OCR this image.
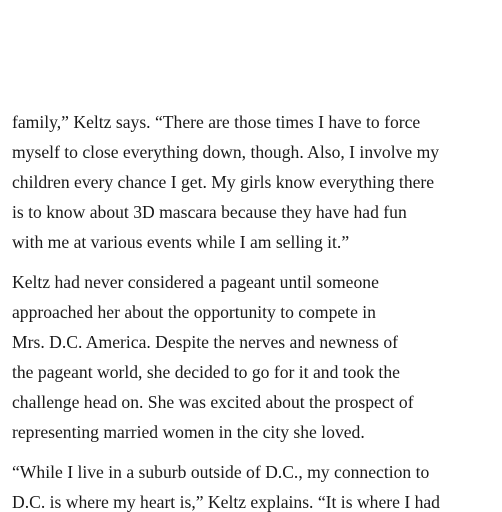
family,” Keltz says. “There are those times I have to force
myself to close everything down, though. Also, I involve my
children every chance I get. My girls know everything there
is to know about 3D mascara because they have had fun
with me at various events while I am selling it.”
Keltz had never considered a pageant until someone
approached her about the opportunity to compete in
Mrs. D.C. America. Despite the nerves and newness of
the pageant world, she decided to go for it and took the
challenge head on. She was excited about the prospect of
representing married women in the city she loved.
“While I live in a suburb outside of D.C., my connection to
D.C. is where my heart is,” Keltz explains. “It is where I had
